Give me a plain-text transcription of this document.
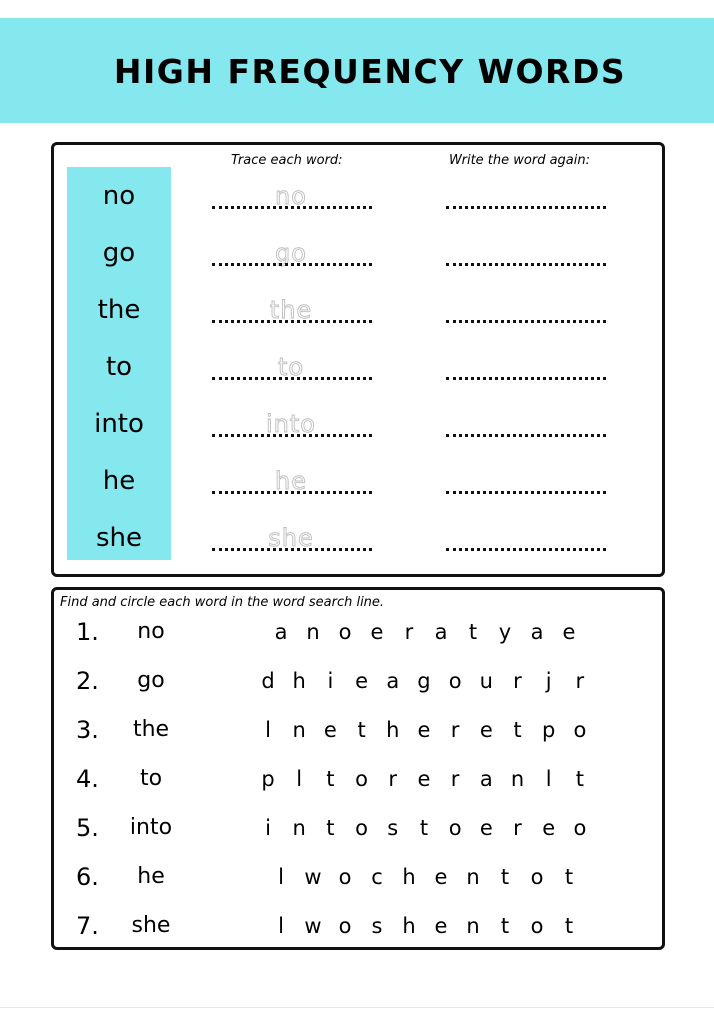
HIGH FREQUENCY WORDS
Trace each word:	Write the word again:
no	no
go	go
the	the
to	to
into	into
he	he
she	she
Find and circle each word in the word search line.
1.	no	a n o e r a t y a e
2.	go	d h i e a g o u r j r
3.	the	l n e t h e r e t p o
4.	to	p l t o r e r a n l t
5.	into	i n t o s t o e r e o
6.	he	l w o c h e n t o t
7.	she	l w o s h e n t o t
